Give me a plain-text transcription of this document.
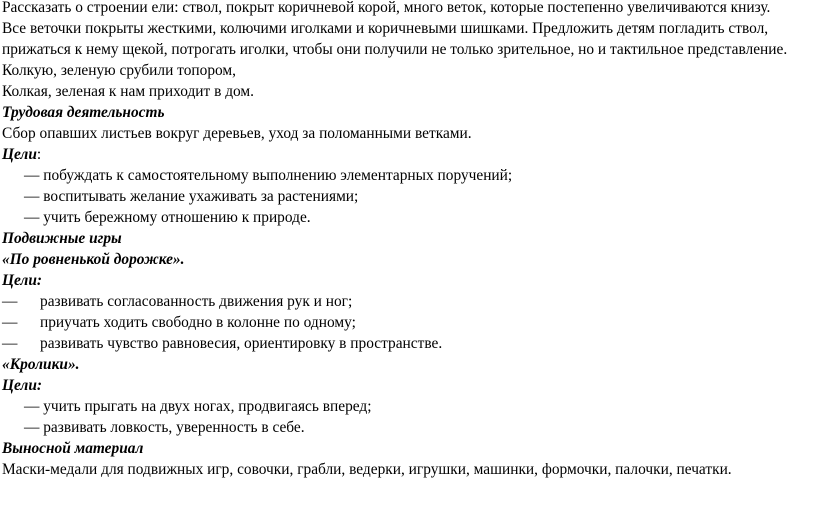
Рассказать о строении ели: ствол, покрыт коричневой корой, много веток, которые постепенно увеличиваются книзу.
Все веточки покрыты жесткими, колючими иголками и коричневыми шишками. Предложить детям погладить ствол,
прижаться к нему щекой, потрогать иголки, чтобы они получили не только зрительное, но и тактильное представление.
Колкую, зеленую срубили топором,
Колкая, зеленая к нам приходит в дом.
Трудовая деятельность
Сбор опавших листьев вокруг деревьев, уход за поломанными ветками.
Цели:
— побуждать к самостоятельному выполнению элементарных поручений;
— воспитывать желание ухаживать за растениями;
— учить бережному отношению к природе.
Подвижные игры
«По ровненькой дорожке».
Цели:
— развивать согласованность движения рук и ног;
— приучать ходить свободно в колонне по одному;
— развивать чувство равновесия, ориентировку в пространстве.
«Кролики».
Цели:
— учить прыгать на двух ногах, продвигаясь вперед;
— развивать ловкость, уверенность в себе.
Выносной материал
Маски-медали для подвижных игр, совочки, грабли, ведерки, игрушки, машинки, формочки, палочки, печатки.
